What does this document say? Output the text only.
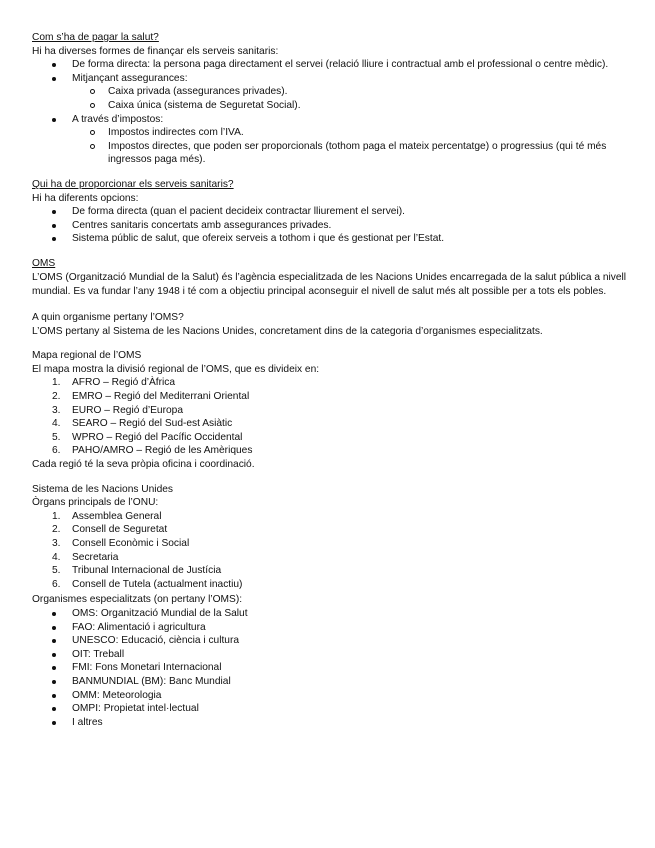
Com s’ha de pagar la salut?
Hi ha diverses formes de finançar els serveis sanitaris:
De forma directa: la persona paga directament el servei (relació lliure i contractual amb el professional o centre mèdic).
Mitjançant assegurances:
Caixa privada (assegurances privades).
Caixa única (sistema de Seguretat Social).
A través d’impostos:
Impostos indirectes com l’IVA.
Impostos directes, que poden ser proporcionals (tothom paga el mateix percentatge) o progressius (qui té més ingressos paga més).
Qui ha de proporcionar els serveis sanitaris?
Hi ha diferents opcions:
De forma directa (quan el pacient decideix contractar lliurement el servei).
Centres sanitaris concertats amb assegurances privades.
Sistema públic de salut, que ofereix serveis a tothom i que és gestionat per l’Estat.
OMS
L’OMS (Organització Mundial de la Salut) és l’agència especialitzada de les Nacions Unides encarregada de la salut pública a nivell mundial. Es va fundar l’any 1948 i té com a objectiu principal aconseguir el nivell de salut més alt possible per a tots els pobles.
A quin organisme pertany l’OMS?
L’OMS pertany al Sistema de les Nacions Unides, concretament dins de la categoria d’organismes especialitzats.
Mapa regional de l’OMS
El mapa mostra la divisió regional de l’OMS, que es divideix en:
1. AFRO – Regió d’Àfrica
2. EMRO – Regió del Mediterrani Oriental
3. EURO – Regió d’Europa
4. SEARO – Regió del Sud-est Asiàtic
5. WPRO – Regió del Pacífic Occidental
6. PAHO/AMRO – Regió de les Amèriques
Cada regió té la seva pròpia oficina i coordinació.
Sistema de les Nacions Unides
Òrgans principals de l’ONU:
1. Assemblea General
2. Consell de Seguretat
3. Consell Econòmic i Social
4. Secretaria
5. Tribunal Internacional de Justícia
6. Consell de Tutela (actualment inactiu)
Organismes especialitzats (on pertany l’OMS):
OMS: Organització Mundial de la Salut
FAO: Alimentació i agricultura
UNESCO: Educació, ciència i cultura
OIT: Treball
FMI: Fons Monetari Internacional
BANMUNDIAL (BM): Banc Mundial
OMM: Meteorologia
OMPI: Propietat intel·lectual
I altres
